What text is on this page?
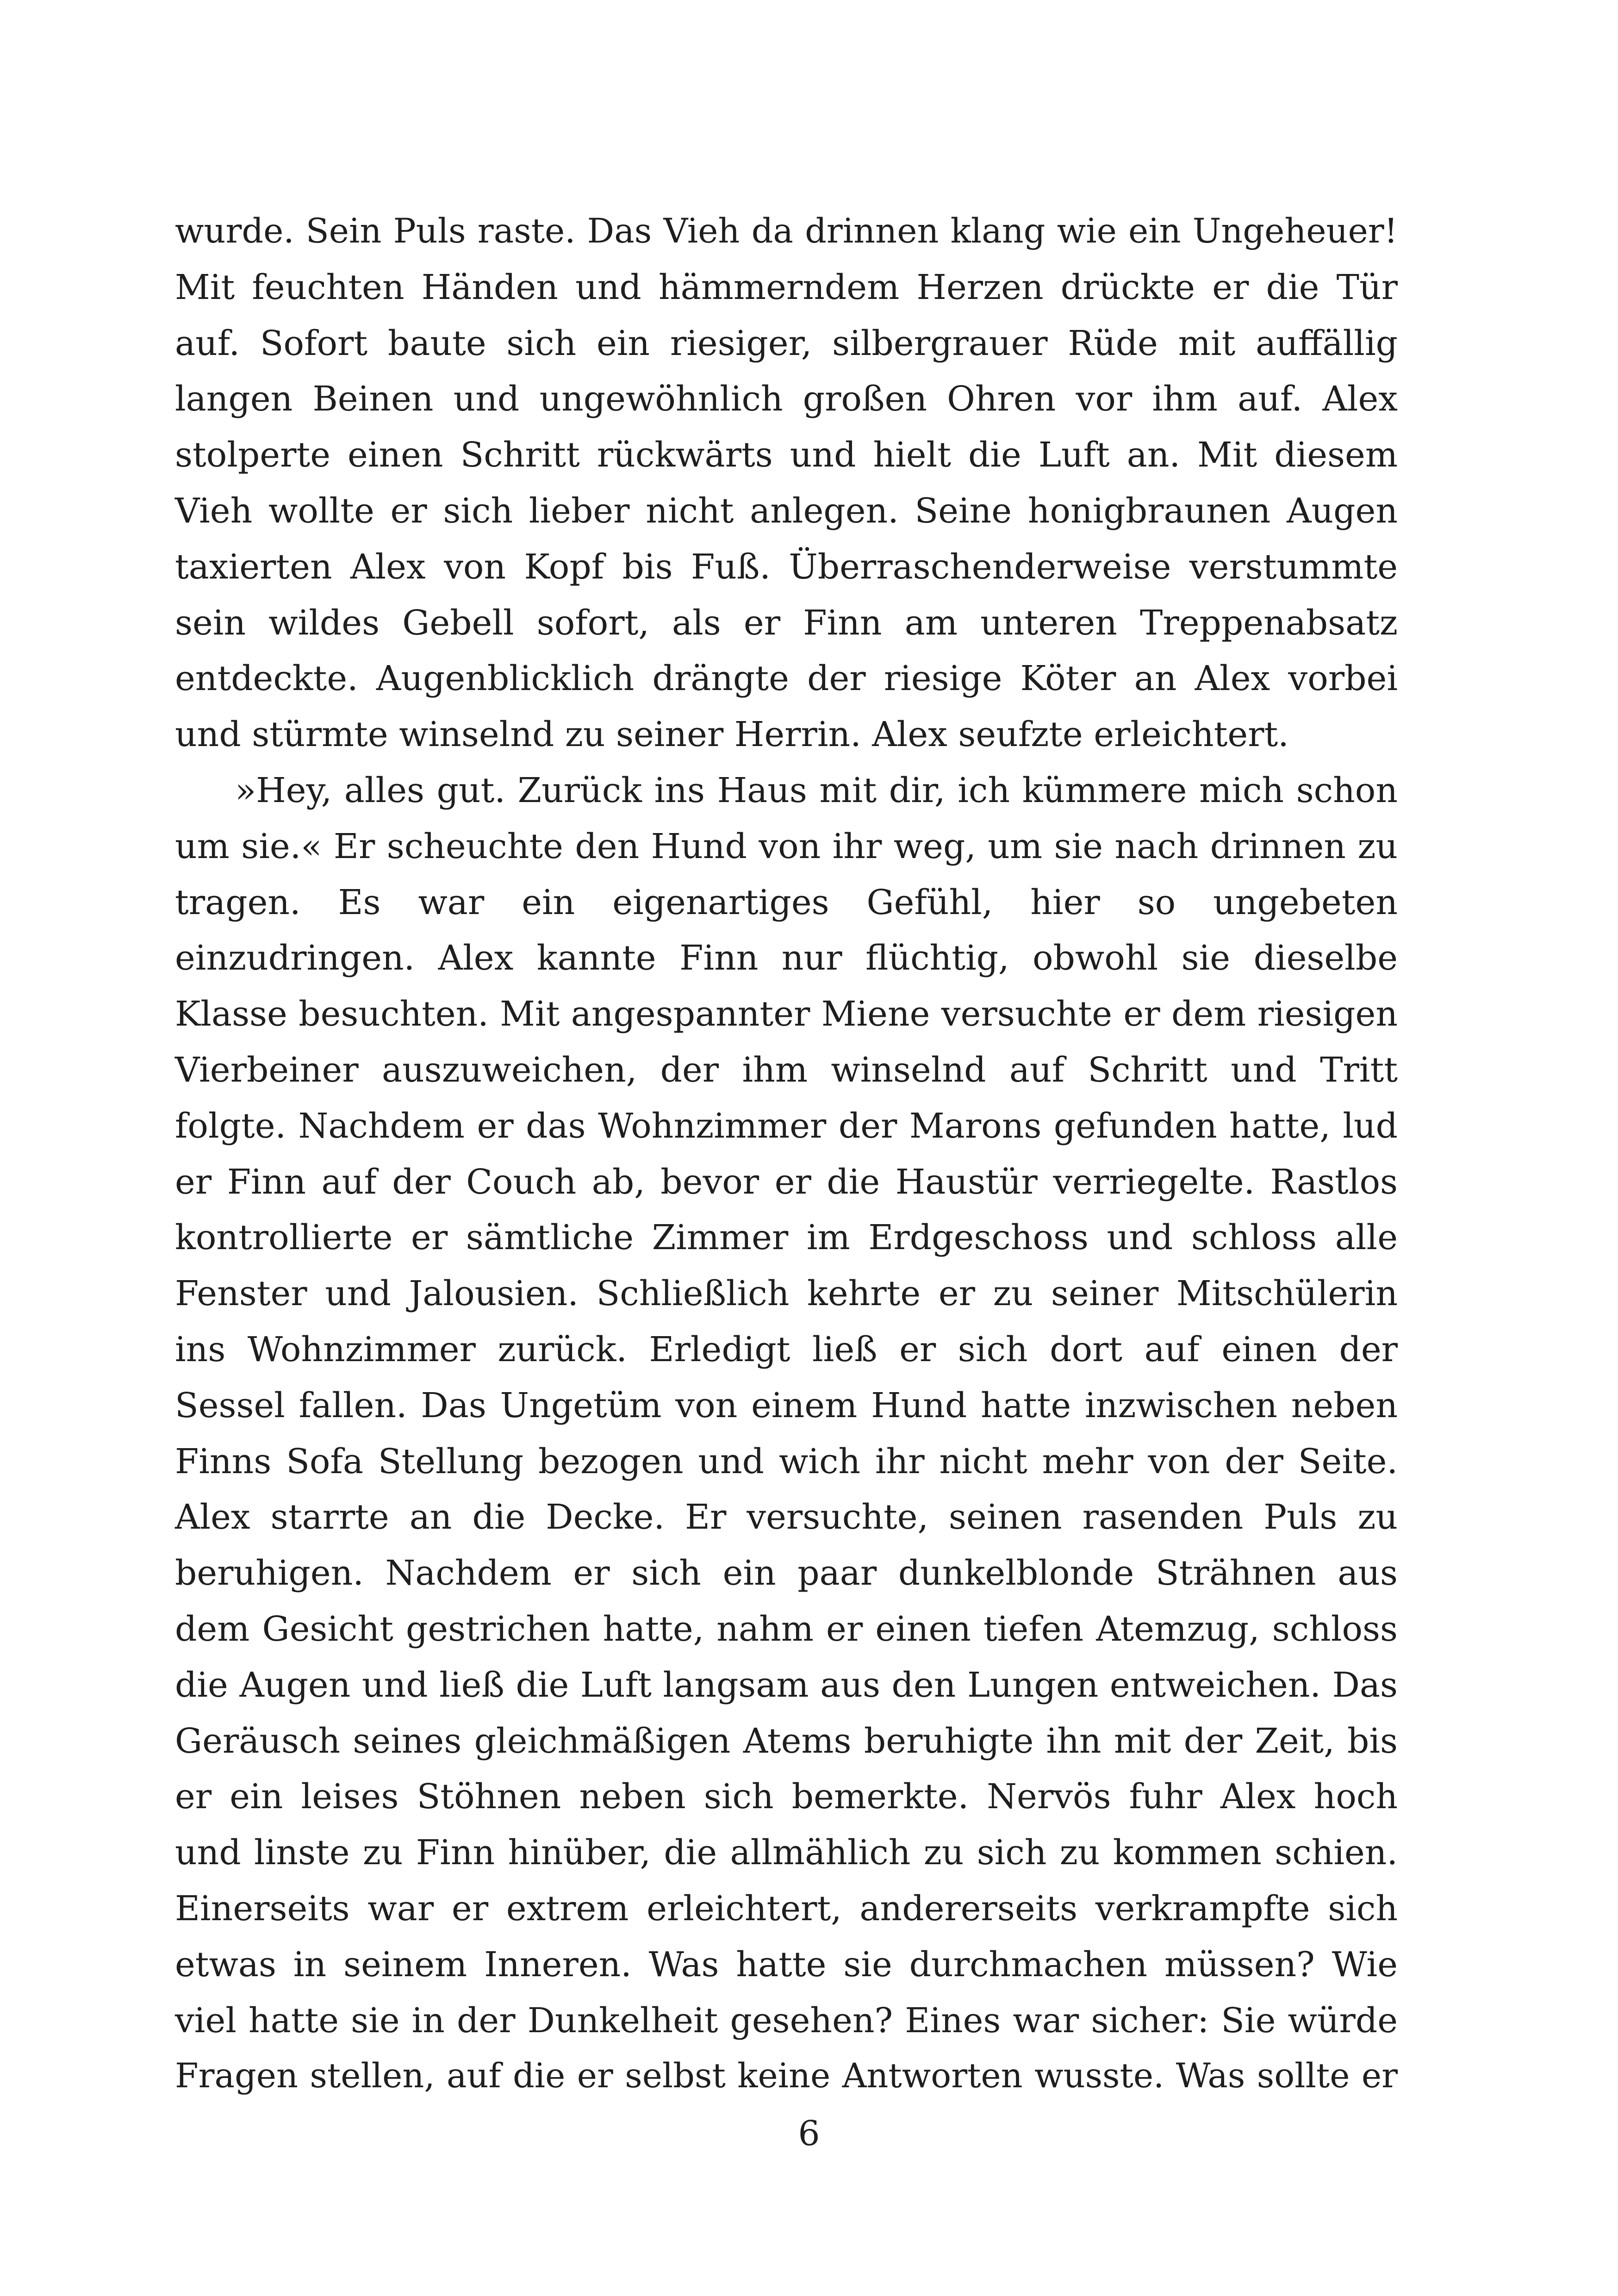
wurde. Sein Puls raste. Das Vieh da drinnen klang wie ein Ungeheuer!
Mit feuchten Händen und hämmerndem Herzen drückte er die Tür
auf. Sofort baute sich ein riesiger, silbergrauer Rüde mit auffällig
langen Beinen und ungewöhnlich großen Ohren vor ihm auf. Alex
stolperte einen Schritt rückwärts und hielt die Luft an. Mit diesem
Vieh wollte er sich lieber nicht anlegen. Seine honigbraunen Augen
taxierten Alex von Kopf bis Fuß. Überraschenderweise verstummte
sein wildes Gebell sofort, als er Finn am unteren Treppenabsatz
entdeckte. Augenblicklich drängte der riesige Köter an Alex vorbei
und stürmte winselnd zu seiner Herrin. Alex seufzte erleichtert.
»Hey, alles gut. Zurück ins Haus mit dir, ich kümmere mich schon
um sie.« Er scheuchte den Hund von ihr weg, um sie nach drinnen zu
tragen. Es war ein eigenartiges Gefühl, hier so ungebeten
einzudringen. Alex kannte Finn nur flüchtig, obwohl sie dieselbe
Klasse besuchten. Mit angespannter Miene versuchte er dem riesigen
Vierbeiner auszuweichen, der ihm winselnd auf Schritt und Tritt
folgte. Nachdem er das Wohnzimmer der Marons gefunden hatte, lud
er Finn auf der Couch ab, bevor er die Haustür verriegelte. Rastlos
kontrollierte er sämtliche Zimmer im Erdgeschoss und schloss alle
Fenster und Jalousien. Schließlich kehrte er zu seiner Mitschülerin
ins Wohnzimmer zurück. Erledigt ließ er sich dort auf einen der
Sessel fallen. Das Ungetüm von einem Hund hatte inzwischen neben
Finns Sofa Stellung bezogen und wich ihr nicht mehr von der Seite.
Alex starrte an die Decke. Er versuchte, seinen rasenden Puls zu
beruhigen. Nachdem er sich ein paar dunkelblonde Strähnen aus
dem Gesicht gestrichen hatte, nahm er einen tiefen Atemzug, schloss
die Augen und ließ die Luft langsam aus den Lungen entweichen. Das
Geräusch seines gleichmäßigen Atems beruhigte ihn mit der Zeit, bis
er ein leises Stöhnen neben sich bemerkte. Nervös fuhr Alex hoch
und linste zu Finn hinüber, die allmählich zu sich zu kommen schien.
Einerseits war er extrem erleichtert, andererseits verkrampfte sich
etwas in seinem Inneren. Was hatte sie durchmachen müssen? Wie
viel hatte sie in der Dunkelheit gesehen? Eines war sicher: Sie würde
Fragen stellen, auf die er selbst keine Antworten wusste. Was sollte er
6
